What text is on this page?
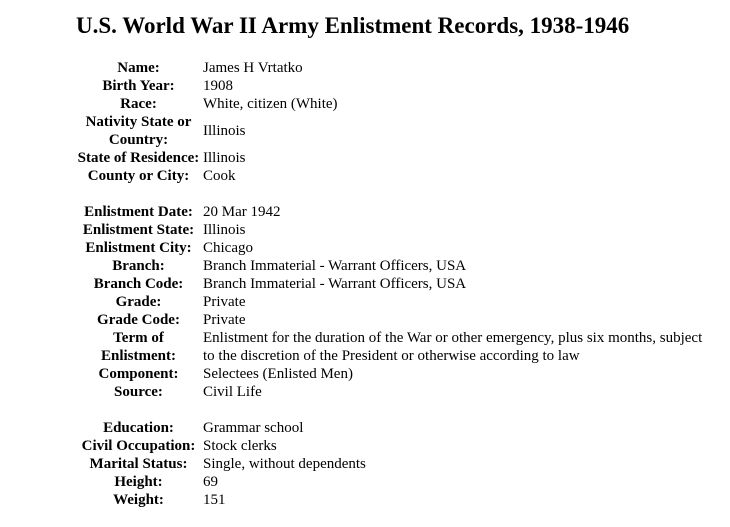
U.S. World War II Army Enlistment Records, 1938-1946
Name:	James H Vrtatko
Birth Year:	1908
Race:	White, citizen (White)
Nativity State or Country:
Illinois
State of Residence: Illinois
County or City: Cook
Enlistment Date: 20 Mar 1942
Enlistment State: Illinois
Enlistment City: Chicago
Branch:	Branch Immaterial - Warrant Officers, USA
Branch Code:	Branch Immaterial - Warrant Officers, USA
Grade:	Private
Grade Code:	Private
Term of Enlistment:
Enlistment for the duration of the War or other emergency, plus six months, subject to the discretion of the President or otherwise according to law
Component:	Selectees (Enlisted Men)
Source:	Civil Life
Education:	Grammar school
Civil Occupation: Stock clerks
Marital Status:	Single, without dependents
Height:	69
Weight:	151
